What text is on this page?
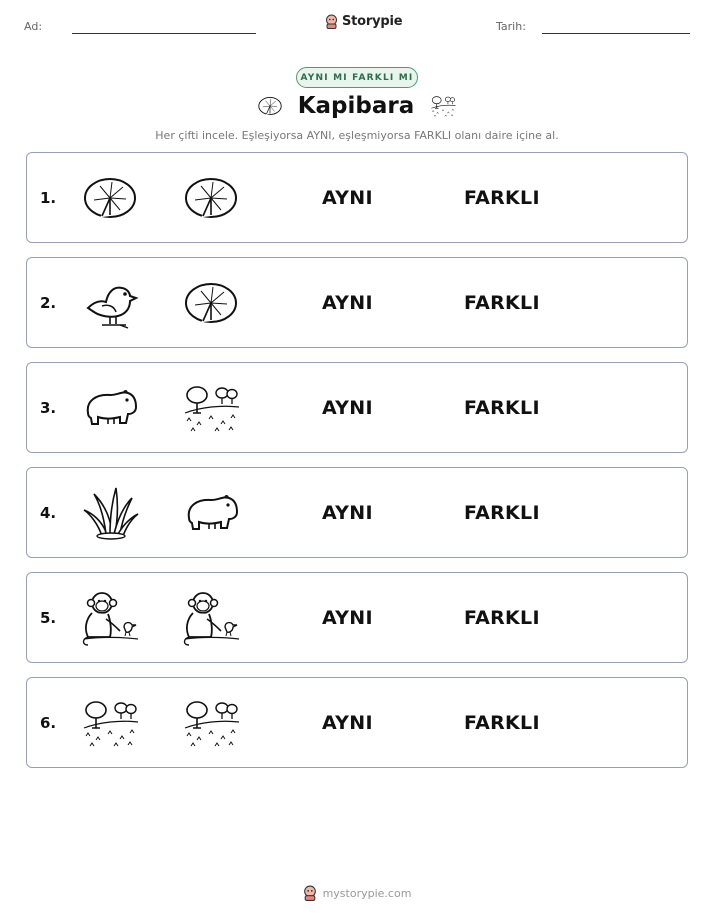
Ad:	Storypie	Tarih:
AYNI MI FARKLI MI
Kapibara
Her çifti incele. Eşleşiyorsa AYNI, eşleşmiyorsa FARKLI olanı daire içine al.
1.	AYNI	FARKLI
2.	AYNI	FARKLI
3.	AYNI	FARKLI
4.	AYNI	FARKLI
5.	AYNI	FARKLI
6.	AYNI	FARKLI
mystorypie.com
